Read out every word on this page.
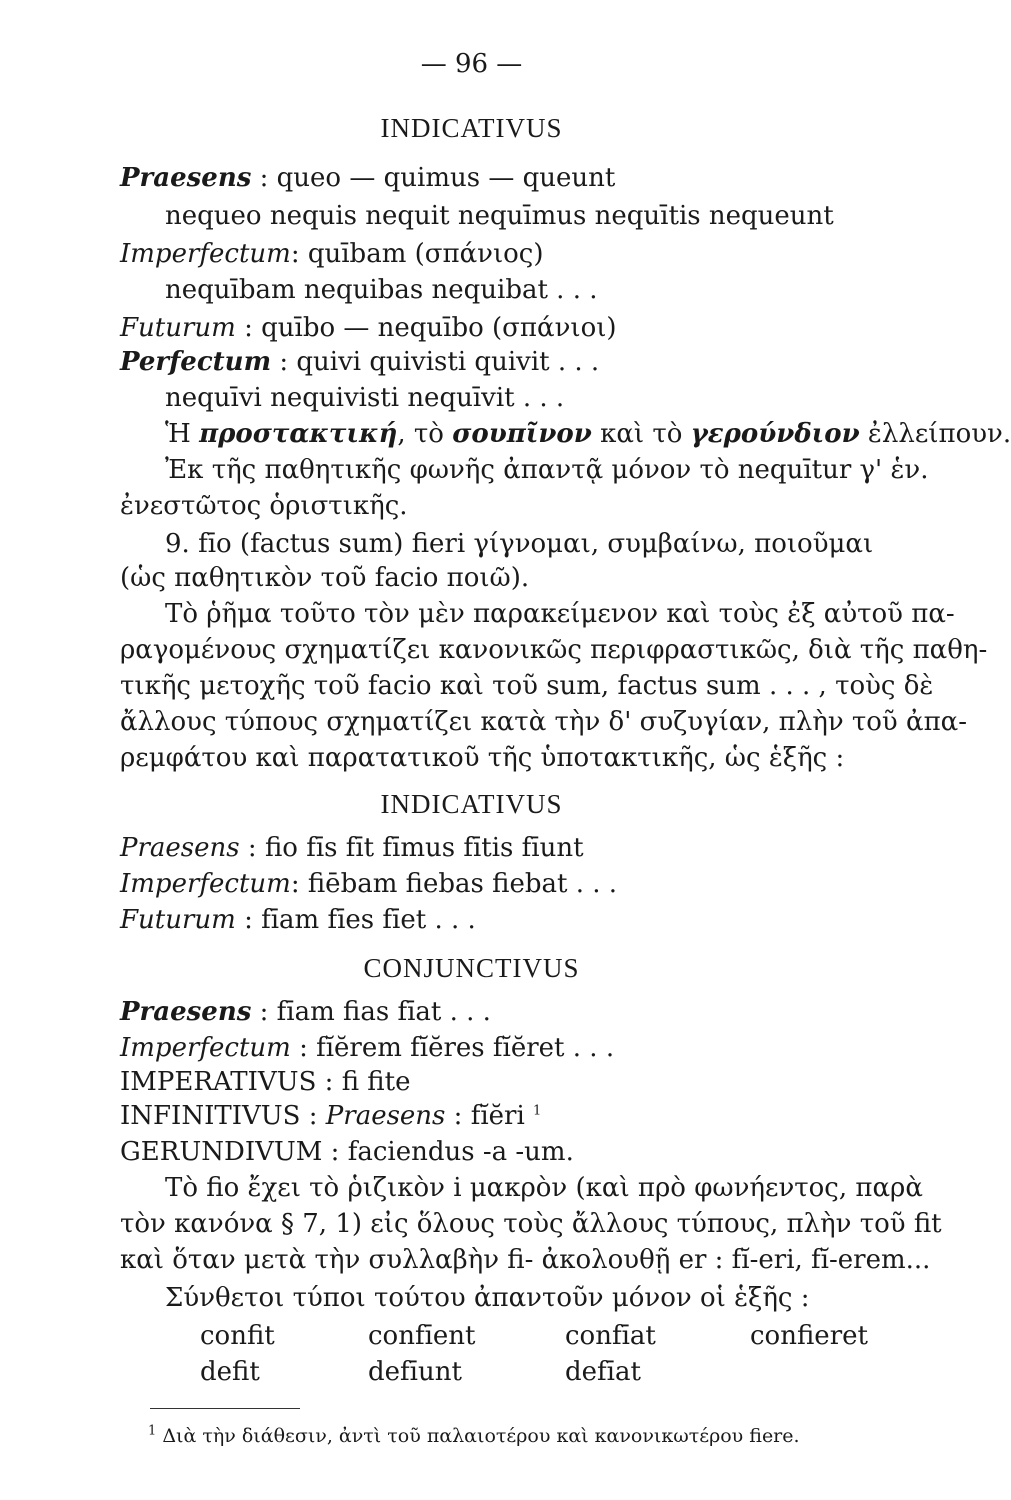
— 96 —
INDICATIVUS
Praesens : queo — quimus — queunt
nequeo nequis nequit nequīmus nequītis nequeunt
Imperfectum: quībam (σπάνιος)
nequībam nequibas nequibat . . .
Futurum : quībo — nequībo (σπάνιοι)
Perfectum : quivi quivisti quivit . . .
nequīvi nequivisti nequīvit . . .
Ἡ προστακτική, τὸ σουπῖνον καὶ τὸ γερούνδιον ἐλλείπουν.
Ἐκ τῆς παθητικῆς φωνῆς ἀπαντᾷ μόνον τὸ nequītur γ' ἑν.
ἐνεστῶτος ὁριστικῆς.
9. fīo (factus sum) fieri γίγνομαι, συμβαίνω, ποιοῦμαι
(ὡς παθητικὸν τοῦ facio ποιῶ).
Τὸ ῥῆμα τοῦτο τὸν μὲν παρακείμενον καὶ τοὺς ἐξ αὐτοῦ πα-
ραγομένους σχηματίζει κανονικῶς περιφραστικῶς, διὰ τῆς παθη-
τικῆς μετοχῆς τοῦ facio καὶ τοῦ sum, factus sum . . . , τοὺς δὲ
ἄλλους τύπους σχηματίζει κατὰ τὴν δ' συζυγίαν, πλὴν τοῦ ἀπα-
ρεμφάτου καὶ παρατατικοῦ τῆς ὑποτακτικῆς, ὡς ἑξῆς :
INDICATIVUS
Praesens : fio fīs fīt fīmus fītis fīunt
Imperfectum: fiēbam fiebas fiebat . . .
Futurum : fīam fīes fīet . . .
CONJUNCTIVUS
Praesens : fīam fias fīat . . .
Imperfectum : fĭĕrem fĭĕres fĭĕret . . .
IMPERATIVUS : fi fite
INFINITIVUS : Praesens : fĭĕri $^1$
GERUNDIVUM : faciendus -a -um.
Τὸ fio ἔχει τὸ ῥιζικὸν i μακρὸν (καὶ πρὸ φωνήεντος, παρὰ
τὸν κανόνα § 7, 1) εἰς ὅλους τοὺς ἄλλους τύπους, πλὴν τοῦ fit
καὶ ὅταν μετὰ τὴν συλλαβὴν fi- ἀκολουθῇ er : fĭ-eri, fĭ-erem...
Σύνθετοι τύποι τούτου ἀπαντοῦν μόνον οἱ ἑξῆς :
confit	confīent	confīat	confieret
defit	defīunt	defīat
$^1$ Διὰ τὴν διάθεσιν, ἀντὶ τοῦ παλαιοτέρου καὶ κανονικωτέρου fiere.
